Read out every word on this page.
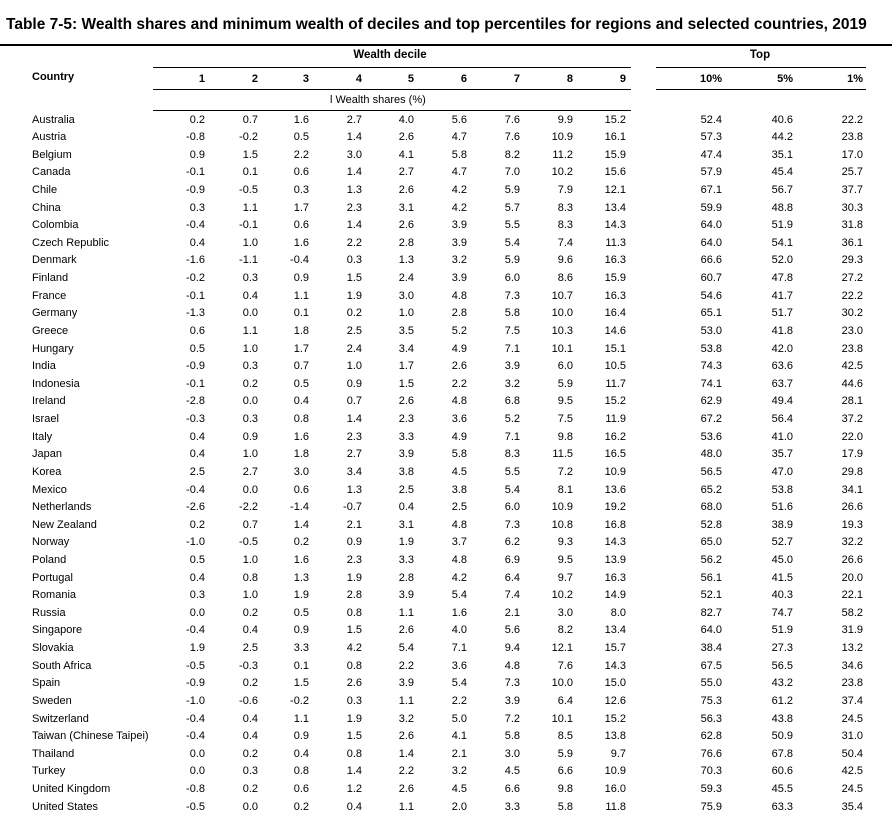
Table 7-5: Wealth shares and minimum wealth of deciles and top percentiles for regions and selected countries, 2019
Wealth decile	Top
Country	1	2	3	4	5	6	7	8	9	10%	5%	1%
l Wealth shares (%)
Australia	0.2	0.7	1.6	2.7	4.0	5.6	7.6	9.9	15.2	52.4	40.6	22.2
Austria	-0.8	-0.2	0.5	1.4	2.6	4.7	7.6	10.9	16.1	57.3	44.2	23.8
Belgium	0.9	1.5	2.2	3.0	4.1	5.8	8.2	11.2	15.9	47.4	35.1	17.0
Canada	-0.1	0.1	0.6	1.4	2.7	4.7	7.0	10.2	15.6	57.9	45.4	25.7
Chile	-0.9	-0.5	0.3	1.3	2.6	4.2	5.9	7.9	12.1	67.1	56.7	37.7
China	0.3	1.1	1.7	2.3	3.1	4.2	5.7	8.3	13.4	59.9	48.8	30.3
Colombia	-0.4	-0.1	0.6	1.4	2.6	3.9	5.5	8.3	14.3	64.0	51.9	31.8
Czech Republic	0.4	1.0	1.6	2.2	2.8	3.9	5.4	7.4	11.3	64.0	54.1	36.1
Denmark	-1.6	-1.1	-0.4	0.3	1.3	3.2	5.9	9.6	16.3	66.6	52.0	29.3
Finland	-0.2	0.3	0.9	1.5	2.4	3.9	6.0	8.6	15.9	60.7	47.8	27.2
France	-0.1	0.4	1.1	1.9	3.0	4.8	7.3	10.7	16.3	54.6	41.7	22.2
Germany	-1.3	0.0	0.1	0.2	1.0	2.8	5.8	10.0	16.4	65.1	51.7	30.2
Greece	0.6	1.1	1.8	2.5	3.5	5.2	7.5	10.3	14.6	53.0	41.8	23.0
Hungary	0.5	1.0	1.7	2.4	3.4	4.9	7.1	10.1	15.1	53.8	42.0	23.8
India	-0.9	0.3	0.7	1.0	1.7	2.6	3.9	6.0	10.5	74.3	63.6	42.5
Indonesia	-0.1	0.2	0.5	0.9	1.5	2.2	3.2	5.9	11.7	74.1	63.7	44.6
Ireland	-2.8	0.0	0.4	0.7	2.6	4.8	6.8	9.5	15.2	62.9	49.4	28.1
Israel	-0.3	0.3	0.8	1.4	2.3	3.6	5.2	7.5	11.9	67.2	56.4	37.2
Italy	0.4	0.9	1.6	2.3	3.3	4.9	7.1	9.8	16.2	53.6	41.0	22.0
Japan	0.4	1.0	1.8	2.7	3.9	5.8	8.3	11.5	16.5	48.0	35.7	17.9
Korea	2.5	2.7	3.0	3.4	3.8	4.5	5.5	7.2	10.9	56.5	47.0	29.8
Mexico	-0.4	0.0	0.6	1.3	2.5	3.8	5.4	8.1	13.6	65.2	53.8	34.1
Netherlands	-2.6	-2.2	-1.4	-0.7	0.4	2.5	6.0	10.9	19.2	68.0	51.6	26.6
New Zealand	0.2	0.7	1.4	2.1	3.1	4.8	7.3	10.8	16.8	52.8	38.9	19.3
Norway	-1.0	-0.5	0.2	0.9	1.9	3.7	6.2	9.3	14.3	65.0	52.7	32.2
Poland	0.5	1.0	1.6	2.3	3.3	4.8	6.9	9.5	13.9	56.2	45.0	26.6
Portugal	0.4	0.8	1.3	1.9	2.8	4.2	6.4	9.7	16.3	56.1	41.5	20.0
Romania	0.3	1.0	1.9	2.8	3.9	5.4	7.4	10.2	14.9	52.1	40.3	22.1
Russia	0.0	0.2	0.5	0.8	1.1	1.6	2.1	3.0	8.0	82.7	74.7	58.2
Singapore	-0.4	0.4	0.9	1.5	2.6	4.0	5.6	8.2	13.4	64.0	51.9	31.9
Slovakia	1.9	2.5	3.3	4.2	5.4	7.1	9.4	12.1	15.7	38.4	27.3	13.2
South Africa	-0.5	-0.3	0.1	0.8	2.2	3.6	4.8	7.6	14.3	67.5	56.5	34.6
Spain	-0.9	0.2	1.5	2.6	3.9	5.4	7.3	10.0	15.0	55.0	43.2	23.8
Sweden	-1.0	-0.6	-0.2	0.3	1.1	2.2	3.9	6.4	12.6	75.3	61.2	37.4
Switzerland	-0.4	0.4	1.1	1.9	3.2	5.0	7.2	10.1	15.2	56.3	43.8	24.5
Taiwan (Chinese Taipei)	-0.4	0.4	0.9	1.5	2.6	4.1	5.8	8.5	13.8	62.8	50.9	31.0
Thailand	0.0	0.2	0.4	0.8	1.4	2.1	3.0	5.9	9.7	76.6	67.8	50.4
Turkey	0.0	0.3	0.8	1.4	2.2	3.2	4.5	6.6	10.9	70.3	60.6	42.5
United Kingdom	-0.8	0.2	0.6	1.2	2.6	4.5	6.6	9.8	16.0	59.3	45.5	24.5
United States	-0.5	0.0	0.2	0.4	1.1	2.0	3.3	5.8	11.8	75.9	63.3	35.4
